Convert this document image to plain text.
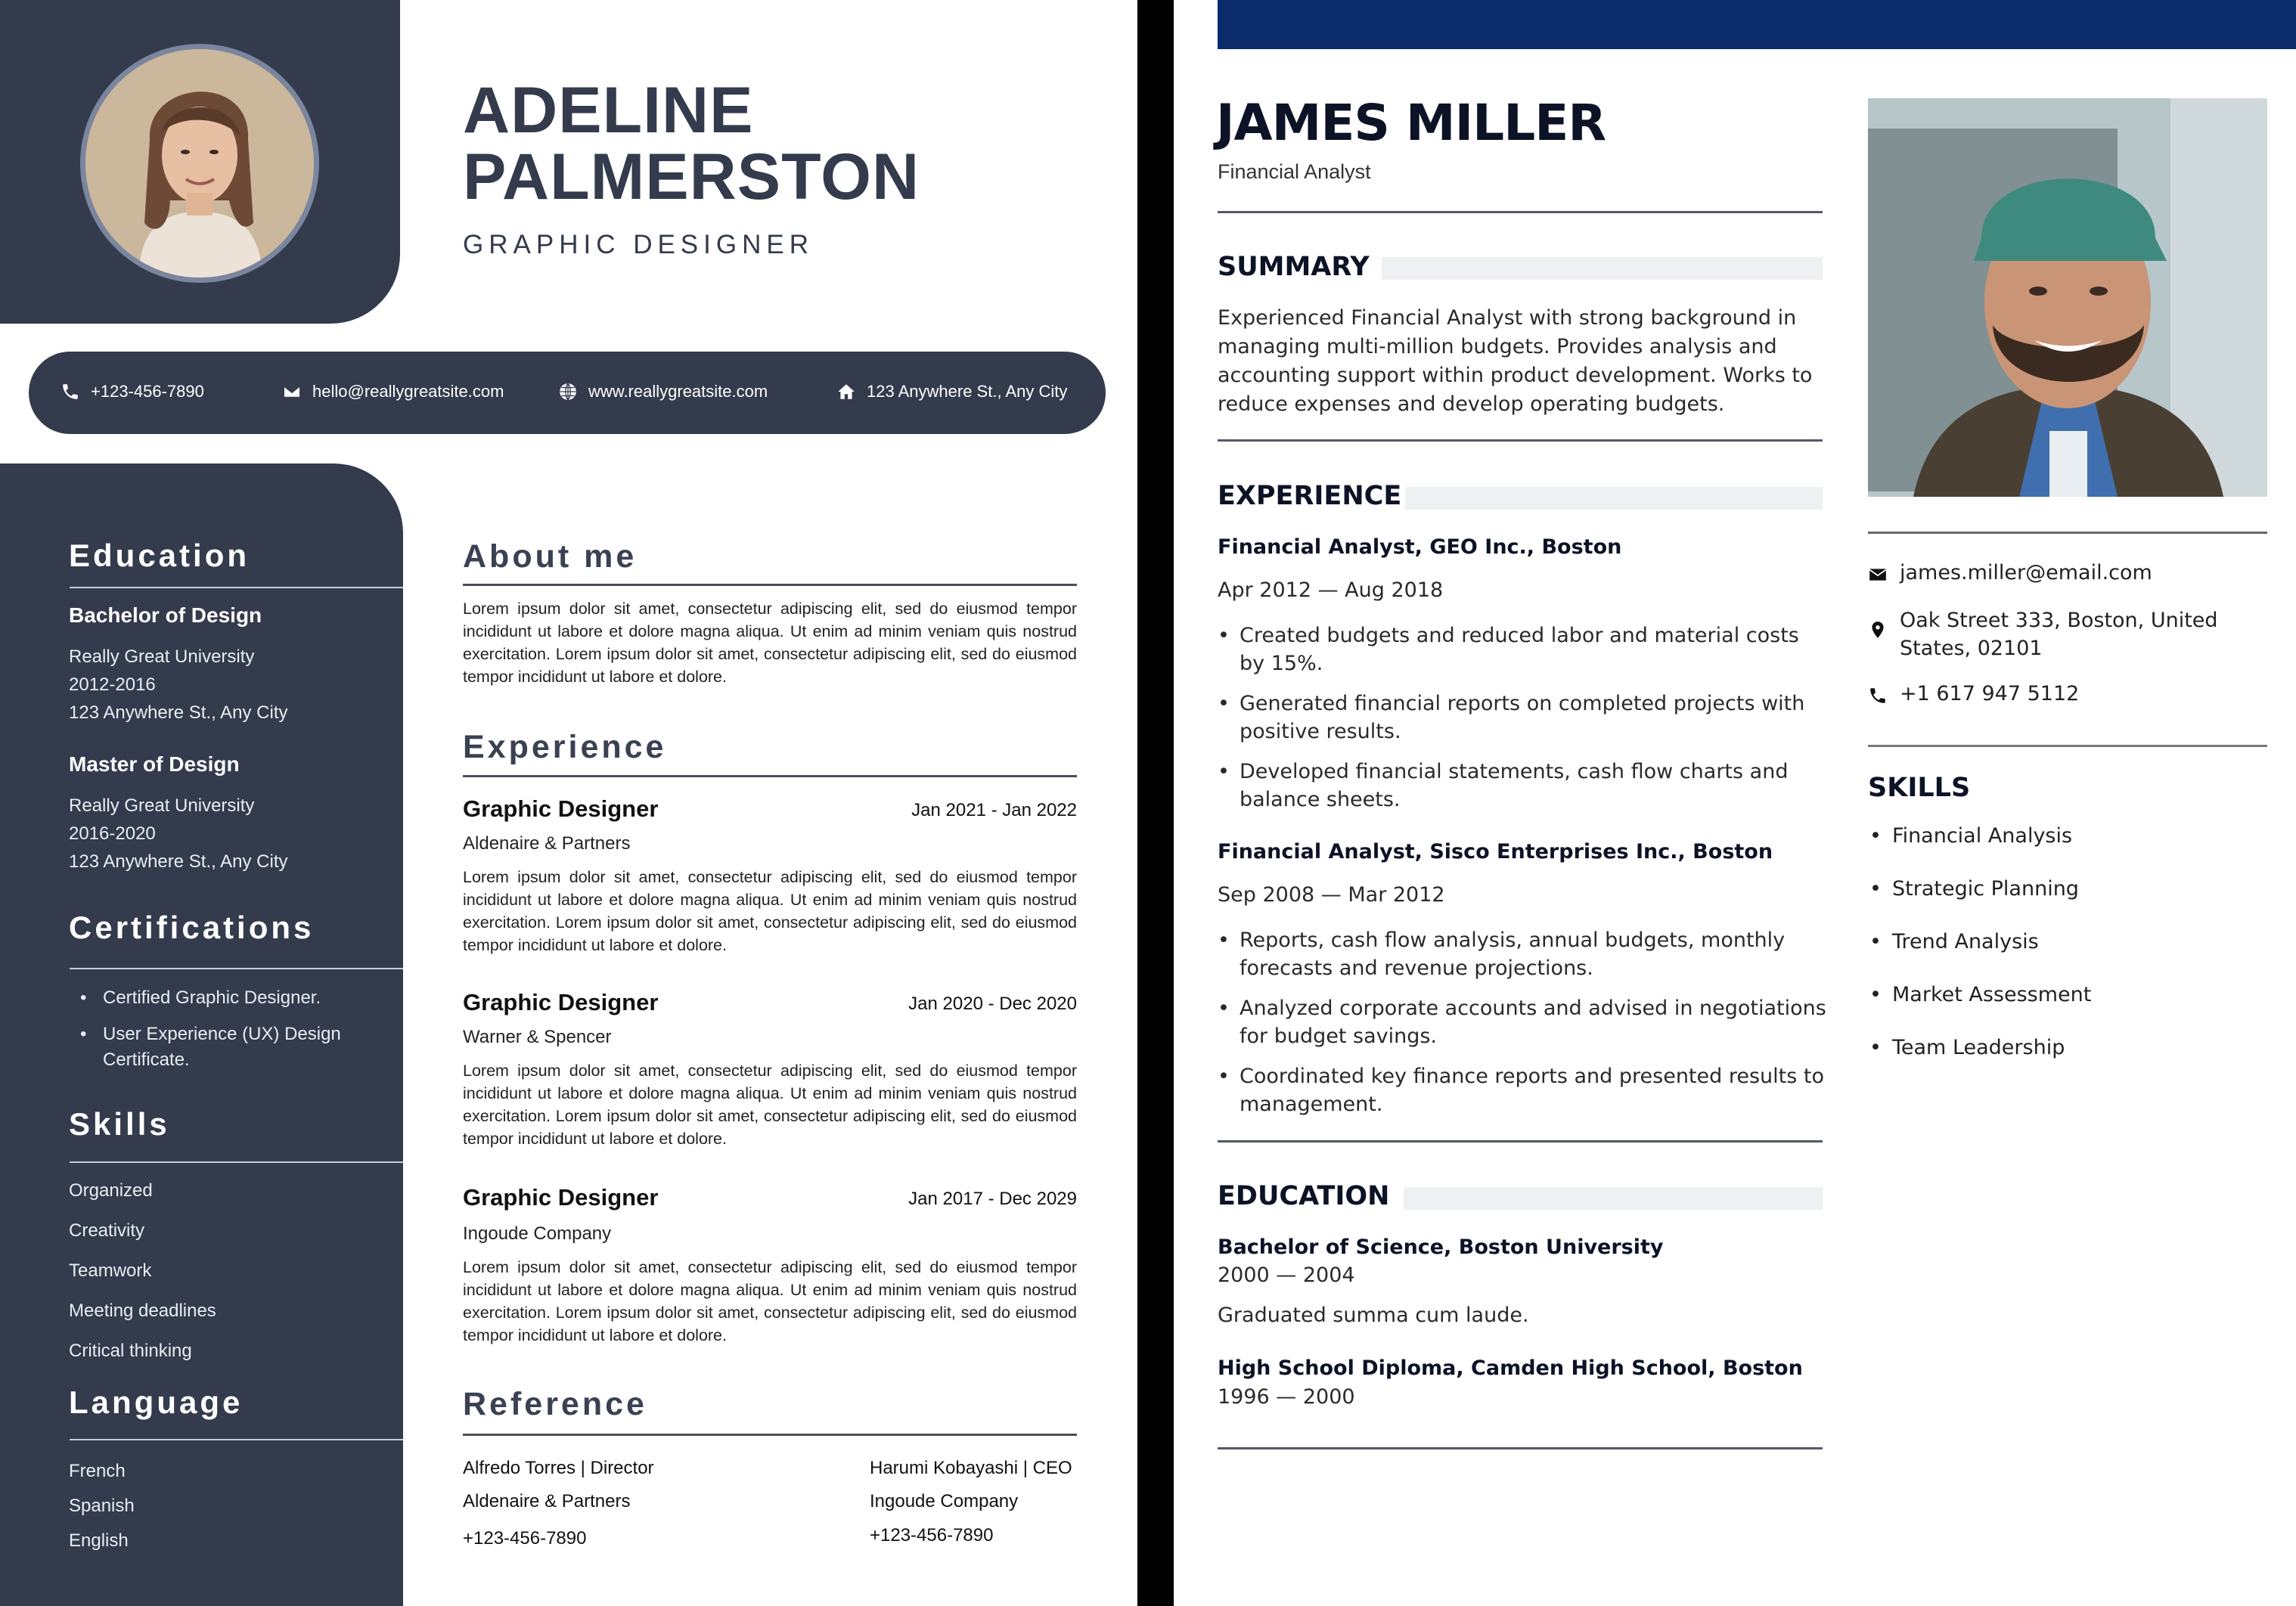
ADELINE
PALMERSTON
GRAPHIC DESIGNER
+123-456-7890	hello@reallygreatsite.com	www.reallygreatsite.com	123 Anywhere St., Any City
Education
Bachelor of Design
Really Great University
2012-2016
123 Anywhere St., Any City
Master of Design
Really Great University
2016-2020
123 Anywhere St., Any City
Certifications
• Certified Graphic Designer.
• User Experience (UX) Design Certificate.
Skills
Organized
Creativity
Teamwork
Meeting deadlines
Critical thinking
Language
French
Spanish
English
About me
Lorem ipsum dolor sit amet, consectetur adipiscing elit, sed do eiusmod tempor incididunt ut labore et dolore magna aliqua. Ut enim ad minim veniam quis nostrud exercitation. Lorem ipsum dolor sit amet, consectetur adipiscing elit, sed do eiusmod tempor incididunt ut labore et dolore.
Experience
Graphic Designer	Jan 2021 - Jan 2022
Aldenaire & Partners
Lorem ipsum dolor sit amet, consectetur adipiscing elit, sed do eiusmod tempor incididunt ut labore et dolore magna aliqua. Ut enim ad minim veniam quis nostrud exercitation. Lorem ipsum dolor sit amet, consectetur adipiscing elit, sed do eiusmod tempor incididunt ut labore et dolore.
Graphic Designer	Jan 2020 - Dec 2020
Warner & Spencer
Lorem ipsum dolor sit amet, consectetur adipiscing elit, sed do eiusmod tempor incididunt ut labore et dolore magna aliqua. Ut enim ad minim veniam quis nostrud exercitation. Lorem ipsum dolor sit amet, consectetur adipiscing elit, sed do eiusmod tempor incididunt ut labore et dolore.
Graphic Designer	Jan 2017 - Dec 2029
Ingoude Company
Lorem ipsum dolor sit amet, consectetur adipiscing elit, sed do eiusmod tempor incididunt ut labore et dolore magna aliqua. Ut enim ad minim veniam quis nostrud exercitation. Lorem ipsum dolor sit amet, consectetur adipiscing elit, sed do eiusmod tempor incididunt ut labore et dolore.
Reference
Alfredo Torres | Director
Aldenaire & Partners
+123-456-7890
Harumi Kobayashi | CEO
Ingoude Company
+123-456-7890
JAMES MILLER
Financial Analyst
SUMMARY
Experienced Financial Analyst with strong background in managing multi-million budgets. Provides analysis and accounting support within product development. Works to reduce expenses and develop operating budgets.
EXPERIENCE
Financial Analyst, GEO Inc., Boston
Apr 2012 — Aug 2018
• Created budgets and reduced labor and material costs by 15%.
• Generated financial reports on completed projects with positive results.
• Developed financial statements, cash flow charts and balance sheets.
Financial Analyst, Sisco Enterprises Inc., Boston
Sep 2008 — Mar 2012
• Reports, cash flow analysis, annual budgets, monthly forecasts and revenue projections.
• Analyzed corporate accounts and advised in negotiations for budget savings.
• Coordinated key finance reports and presented results to management.
EDUCATION
Bachelor of Science, Boston University
2000 — 2004
Graduated summa cum laude.
High School Diploma, Camden High School, Boston
1996 — 2000
james.miller@email.com
Oak Street 333, Boston, United States, 02101
+1 617 947 5112
SKILLS
• Financial Analysis
• Strategic Planning
• Trend Analysis
• Market Assessment
• Team Leadership
